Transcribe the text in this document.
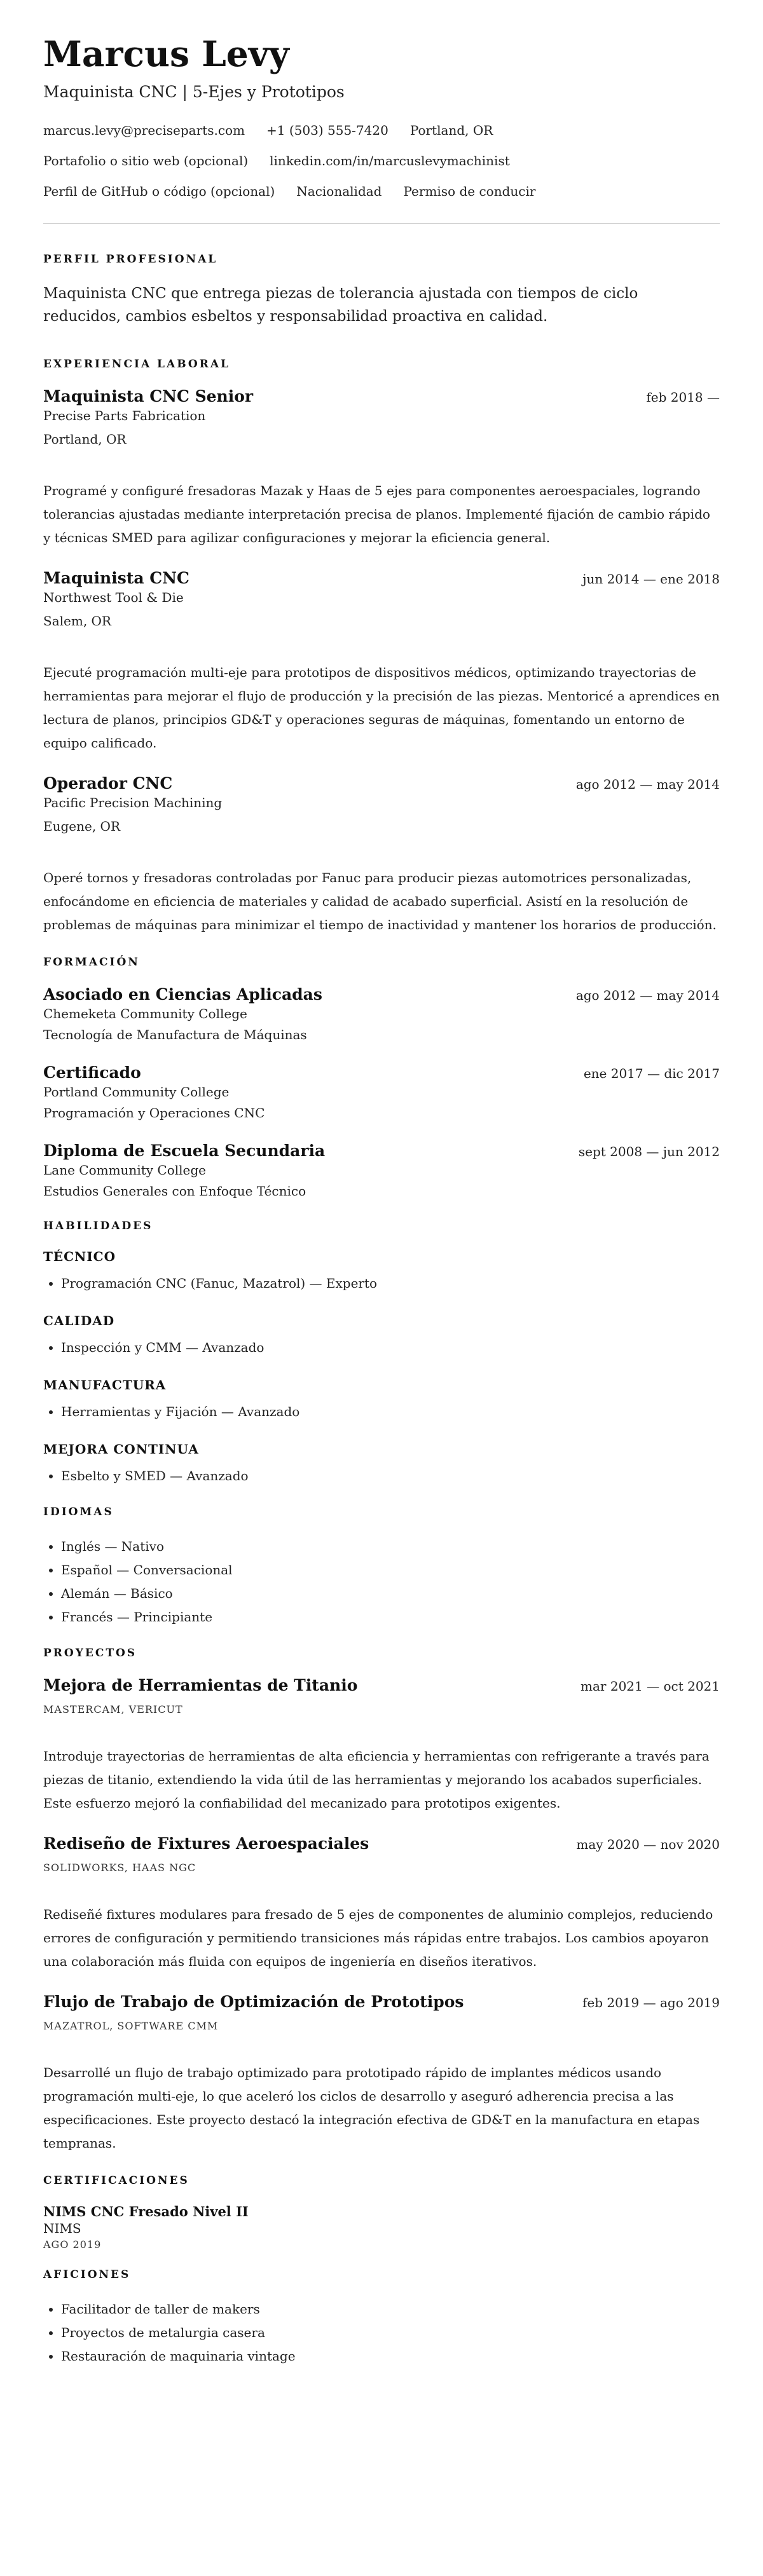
Marcus Levy
Maquinista CNC | 5-Ejes y Prototipos
marcus.levy@preciseparts.com +1 (503) 555-7420 Portland, OR
Portafolio o sitio web (opcional) linkedin.com/in/marcuslevymachinist
Perfil de GitHub o código (opcional) Nacionalidad Permiso de conducir
PERFIL PROFESIONAL

Maquinista CNC que entrega piezas de tolerancia ajustada con tiempos de ciclo reducidos, cambios esbeltos y responsabilidad proactiva en calidad.

EXPERIENCIA LABORAL
Maquinista CNC Senior	feb 2018 —
Precise Parts Fabrication
Portland, OR

Programé y configuré fresadoras Mazak y Haas de 5 ejes para componentes aeroespaciales, logrando tolerancias ajustadas mediante interpretación precisa de planos. Implementé fijación de cambio rápido y técnicas SMED para agilizar configuraciones y mejorar la eficiencia general.

Maquinista CNC	jun 2014 — ene 2018
Northwest Tool & Die
Salem, OR

Ejecuté programación multi-eje para prototipos de dispositivos médicos, optimizando trayectorias de herramientas para mejorar el flujo de producción y la precisión de las piezas. Mentoricé a aprendices en lectura de planos, principios GD&T y operaciones seguras de máquinas, fomentando un entorno de equipo calificado.

Operador CNC	ago 2012 — may 2014
Pacific Precision Machining
Eugene, OR

Operé tornos y fresadoras controladas por Fanuc para producir piezas automotrices personalizadas, enfocándome en eficiencia de materiales y calidad de acabado superficial. Asistí en la resolución de problemas de máquinas para minimizar el tiempo de inactividad y mantener los horarios de producción.

FORMACIÓN
Asociado en Ciencias Aplicadas	ago 2012 — may 2014
Chemeketa Community College
Tecnología de Manufactura de Máquinas
Certificado	ene 2017 — dic 2017
Portland Community College
Programación y Operaciones CNC
Diploma de Escuela Secundaria	sept 2008 — jun 2012
Lane Community College
Estudios Generales con Enfoque Técnico
HABILIDADES
TÉCNICO
• Programación CNC (Fanuc, Mazatrol) — Experto
CALIDAD
• Inspección y CMM — Avanzado
MANUFACTURA
• Herramientas y Fijación — Avanzado
MEJORA CONTINUA
• Esbelto y SMED — Avanzado
IDIOMAS
• Inglés — Nativo
• Español — Conversacional
• Alemán — Básico
• Francés — Principiante
PROYECTOS
Mejora de Herramientas de Titanio	mar 2021 — oct 2021
MASTERCAM, VERICUT

Introduje trayectorias de herramientas de alta eficiencia y herramientas con refrigerante a través para piezas de titanio, extendiendo la vida útil de las herramientas y mejorando los acabados superficiales. Este esfuerzo mejoró la confiabilidad del mecanizado para prototipos exigentes.

Rediseño de Fixtures Aeroespaciales	may 2020 — nov 2020
SOLIDWORKS, HAAS NGC

Rediseñé fixtures modulares para fresado de 5 ejes de componentes de aluminio complejos, reduciendo errores de configuración y permitiendo transiciones más rápidas entre trabajos. Los cambios apoyaron una colaboración más fluida con equipos de ingeniería en diseños iterativos.

Flujo de Trabajo de Optimización de Prototipos	feb 2019 — ago 2019
MAZATROL, SOFTWARE CMM

Desarrollé un flujo de trabajo optimizado para prototipado rápido de implantes médicos usando programación multi-eje, lo que aceleró los ciclos de desarrollo y aseguró adherencia precisa a las especificaciones. Este proyecto destacó la integración efectiva de GD&T en la manufactura en etapas tempranas.

CERTIFICACIONES
NIMS CNC Fresado Nivel II
NIMS
AGO 2019
AFICIONES
• Facilitador de taller de makers
• Proyectos de metalurgia casera
• Restauración de maquinaria vintage
